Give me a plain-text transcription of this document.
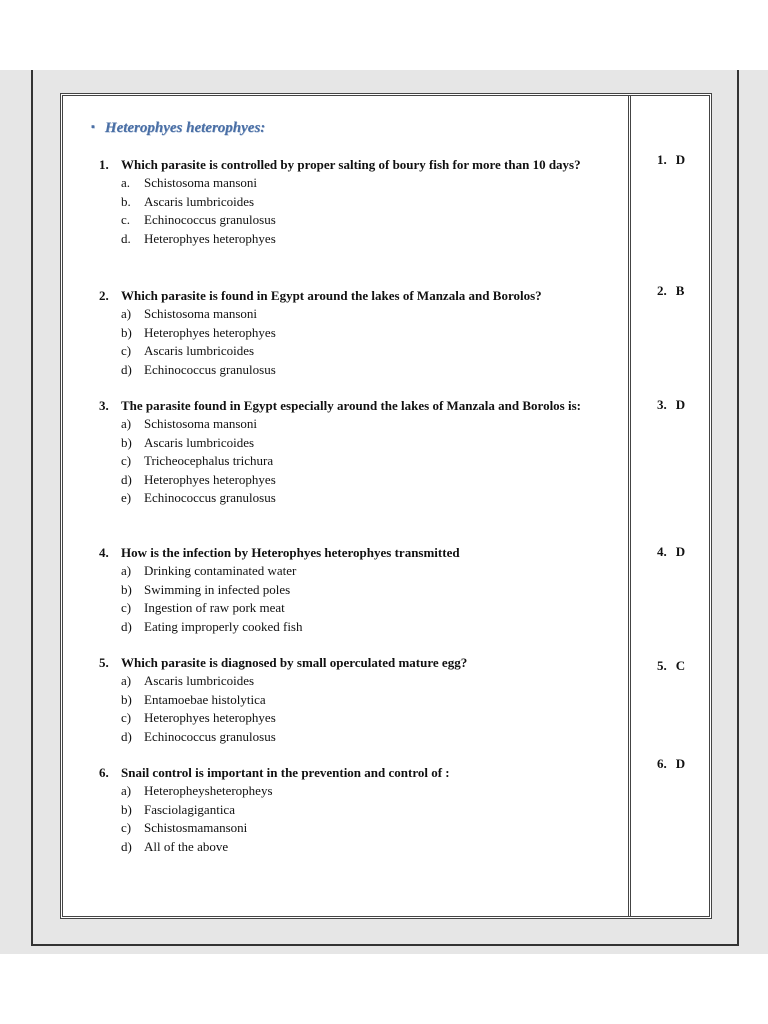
▪ Heterophyes heterophyes:
1. Which parasite is controlled by proper salting of boury fish for more than 10 days?
a.	Schistosoma mansoni
b.	Ascaris lumbricoides
c.	Echinococcus granulosus
d.	Heterophyes heterophyes
2. Which parasite is found in Egypt around the lakes of Manzala and Borolos?
a) Schistosoma mansoni
b) Heterophyes heterophyes
c) Ascaris lumbricoides
d) Echinococcus granulosus
3. The parasite found in Egypt especially around the lakes of Manzala and Borolos is:
a) Schistosoma mansoni
b) Ascaris lumbricoides
c) Tricheocephalus trichura
d) Heterophyes heterophyes
e) Echinococcus granulosus
4. How is the infection by Heterophyes heterophyes transmitted
a) Drinking contaminated water
b) Swimming in infected poles
c) Ingestion of raw pork meat
d) Eating improperly cooked fish
5. Which parasite is diagnosed by small operculated mature egg?
a) Ascaris lumbricoides
b) Entamoebae histolytica
c) Heterophyes heterophyes
d) Echinococcus granulosus
6. Snail control is important in the prevention and control of :
a) Heteropheysheteropheys
b) Fasciolagigantica
c) Schistosmamansoni
d) All of the above
1. D
2. B
3. D
4. D
5. C
6. D
